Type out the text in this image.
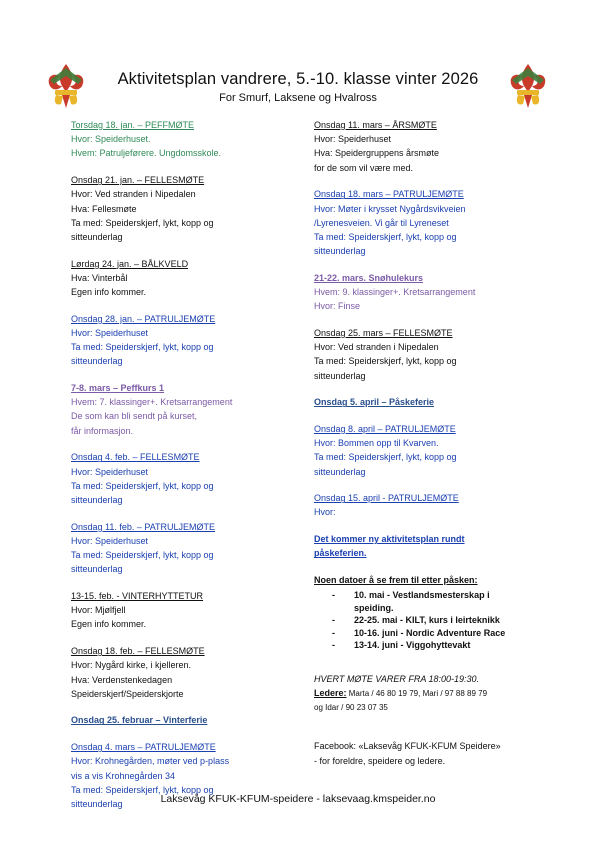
Aktivitetsplan vandrere, 5.-10. klasse vinter 2026
For Smurf, Laksene og Hvalross
Torsdag 18. jan. – PEFFMØTE
Hvor: Speiderhuset.
Hvem: Patruljeførere. Ungdomsskole.
Onsdag 21. jan. – FELLESMØTE
Hvor: Ved stranden i Nipedalen
Hva: Fellesmøte
Ta med: Speiderskjerf, lykt, kopp og
sitteunderlag
Lørdag 24. jan. – BÅLKVELD
Hva: Vinterbål
Egen info kommer.
Onsdag 28. jan. – PATRULJEMØTE
Hvor: Speiderhuset
Ta med: Speiderskjerf, lykt, kopp og
sitteunderlag
7-8. mars – Peffkurs 1
Hvem: 7. klassinger+. Kretsarrangement
De som kan bli sendt på kurset,
får informasjon.
Onsdag 4. feb. – FELLESMØTE
Hvor: Speiderhuset
Ta med: Speiderskjerf, lykt, kopp og
sitteunderlag
Onsdag 11. feb. – PATRULJEMØTE
Hvor: Speiderhuset
Ta med: Speiderskjerf, lykt, kopp og
sitteunderlag
13-15. feb. - VINTERHYTTETUR
Hvor: Mjølfjell
Egen info kommer.
Onsdag 18. feb. – FELLESMØTE
Hvor: Nygård kirke, i kjelleren.
Hva: Verdenstenkedagen
Speiderskjerf/Speiderskjorte
Onsdag 25. februar – Vinterferie
Onsdag 4. mars – PATRULJEMØTE
Hvor: Krohnegården, møter ved p-plass
vis a vis Krohnegården 34
Ta med: Speiderskjerf, lykt, kopp og
sitteunderlag
Onsdag 11. mars – ÅRSMØTE
Hvor: Speiderhuset
Hva: Speidergruppens årsmøte
for de som vil være med.
Onsdag 18. mars – PATRULJEMØTE
Hvor: Møter i krysset Nygårdsvikveien
/Lyrenesveien. Vi går til Lyreneset
Ta med: Speiderskjerf, lykt, kopp og
sitteunderlag
21-22. mars. Snøhulekurs
Hvem: 9. klassinger+. Kretsarrangement
Hvor: Finse
Onsdag 25. mars – FELLESMØTE
Hvor: Ved stranden i Nipedalen
Ta med: Speiderskjerf, lykt, kopp og
sitteunderlag
Onsdag 5. april – Påskeferie
Onsdag 8. april – PATRULJEMØTE
Hvor: Bommen opp til Kvarven.
Ta med: Speiderskjerf, lykt, kopp og
sitteunderlag
Onsdag 15. april - PATRULJEMØTE
Hvor:
Det kommer ny aktivitetsplan rundt
påskeferien.
Noen datoer å se frem til etter påsken:
- 10. mai - Vestlandsmesterskap i
speiding.
- 22-25. mai - KILT, kurs i leirteknikk
- 10-16. juni - Nordic Adventure Race
- 13-14. juni - Viggohyttevakt
HVERT MØTE VARER FRA 18:00-19:30.
Ledere: Marta / 46 80 19 79, Mari / 97 88 89 79
og Idar / 90 23 07 35
Facebook: «Laksevåg KFUK-KFUM Speidere»
- for foreldre, speidere og ledere.
Laksevåg KFUK-KFUM-speidere - laksevaag.kmspeider.no
